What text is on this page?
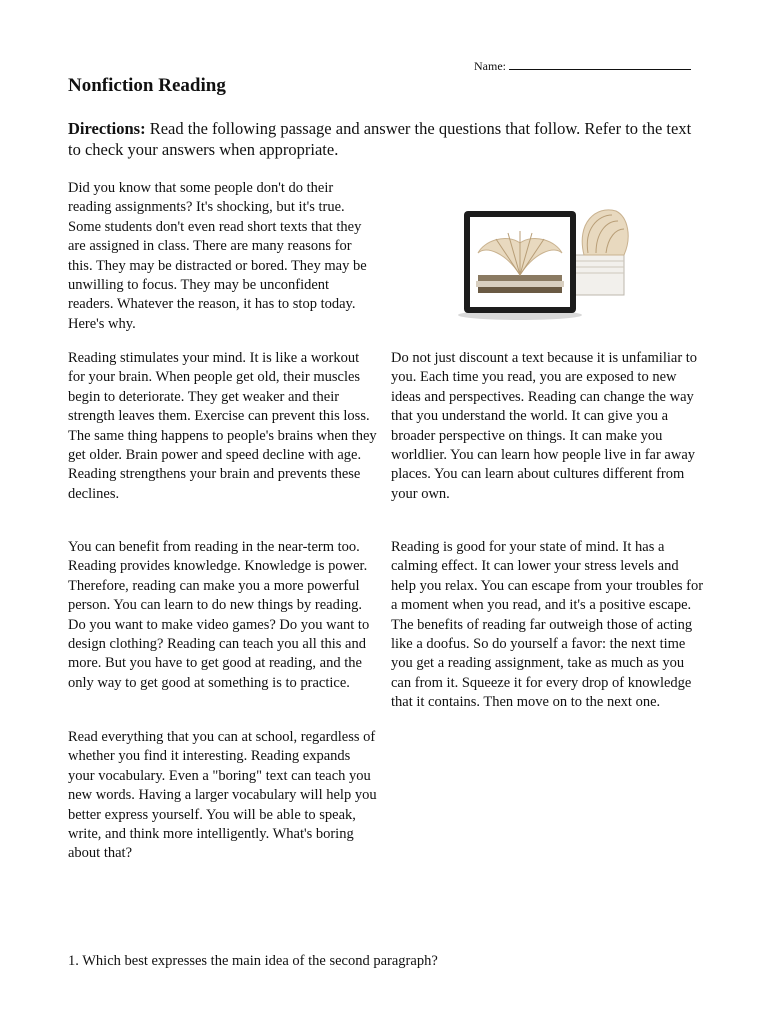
Name:
Nonfiction Reading

Directions: Read the following passage and answer the questions that follow. Refer to the text to check your answers when appropriate.

Did you know that some people don't do their reading assignments? It's shocking, but it's true. Some students don't even read short texts that they are assigned in class. There are many reasons for this. They may be distracted or bored. They may be unwilling to focus. They may be unconfident readers. Whatever the reason, it has to stop today. Here's why.

Reading stimulates your mind. It is like a workout for your brain. When people get old, their muscles begin to deteriorate. They get weaker and their strength leaves them. Exercise can prevent this loss. The same thing happens to people's brains when they get older. Brain power and speed decline with age. Reading strengthens your brain and prevents these declines.

You can benefit from reading in the near-term too. Reading provides knowledge. Knowledge is power. Therefore, reading can make you a more powerful person. You can learn to do new things by reading. Do you want to make video games? Do you want to design clothing? Reading can teach you all this and more. But you have to get good at reading, and the only way to get good at something is to practice.

Read everything that you can at school, regardless of whether you find it interesting. Reading expands your vocabulary. Even a "boring" text can teach you new words. Having a larger vocabulary will help you better express yourself. You will be able to speak, write, and think more intelligently. What's boring about that?

Do not just discount a text because it is unfamiliar to you. Each time you read, you are exposed to new ideas and perspectives. Reading can change the way that you understand the world. It can give you a broader perspective on things. It can make you worldlier. You can learn how people live in far away places. You can learn about cultures different from your own.

Reading is good for your state of mind. It has a calming effect. It can lower your stress levels and help you relax. You can escape from your troubles for a moment when you read, and it's a positive escape. The benefits of reading far outweigh those of acting like a doofus. So do yourself a favor: the next time you get a reading assignment, take as much as you can from it. Squeeze it for every drop of knowledge that it contains. Then move on to the next one.

1. Which best expresses the main idea of the second paragraph?
